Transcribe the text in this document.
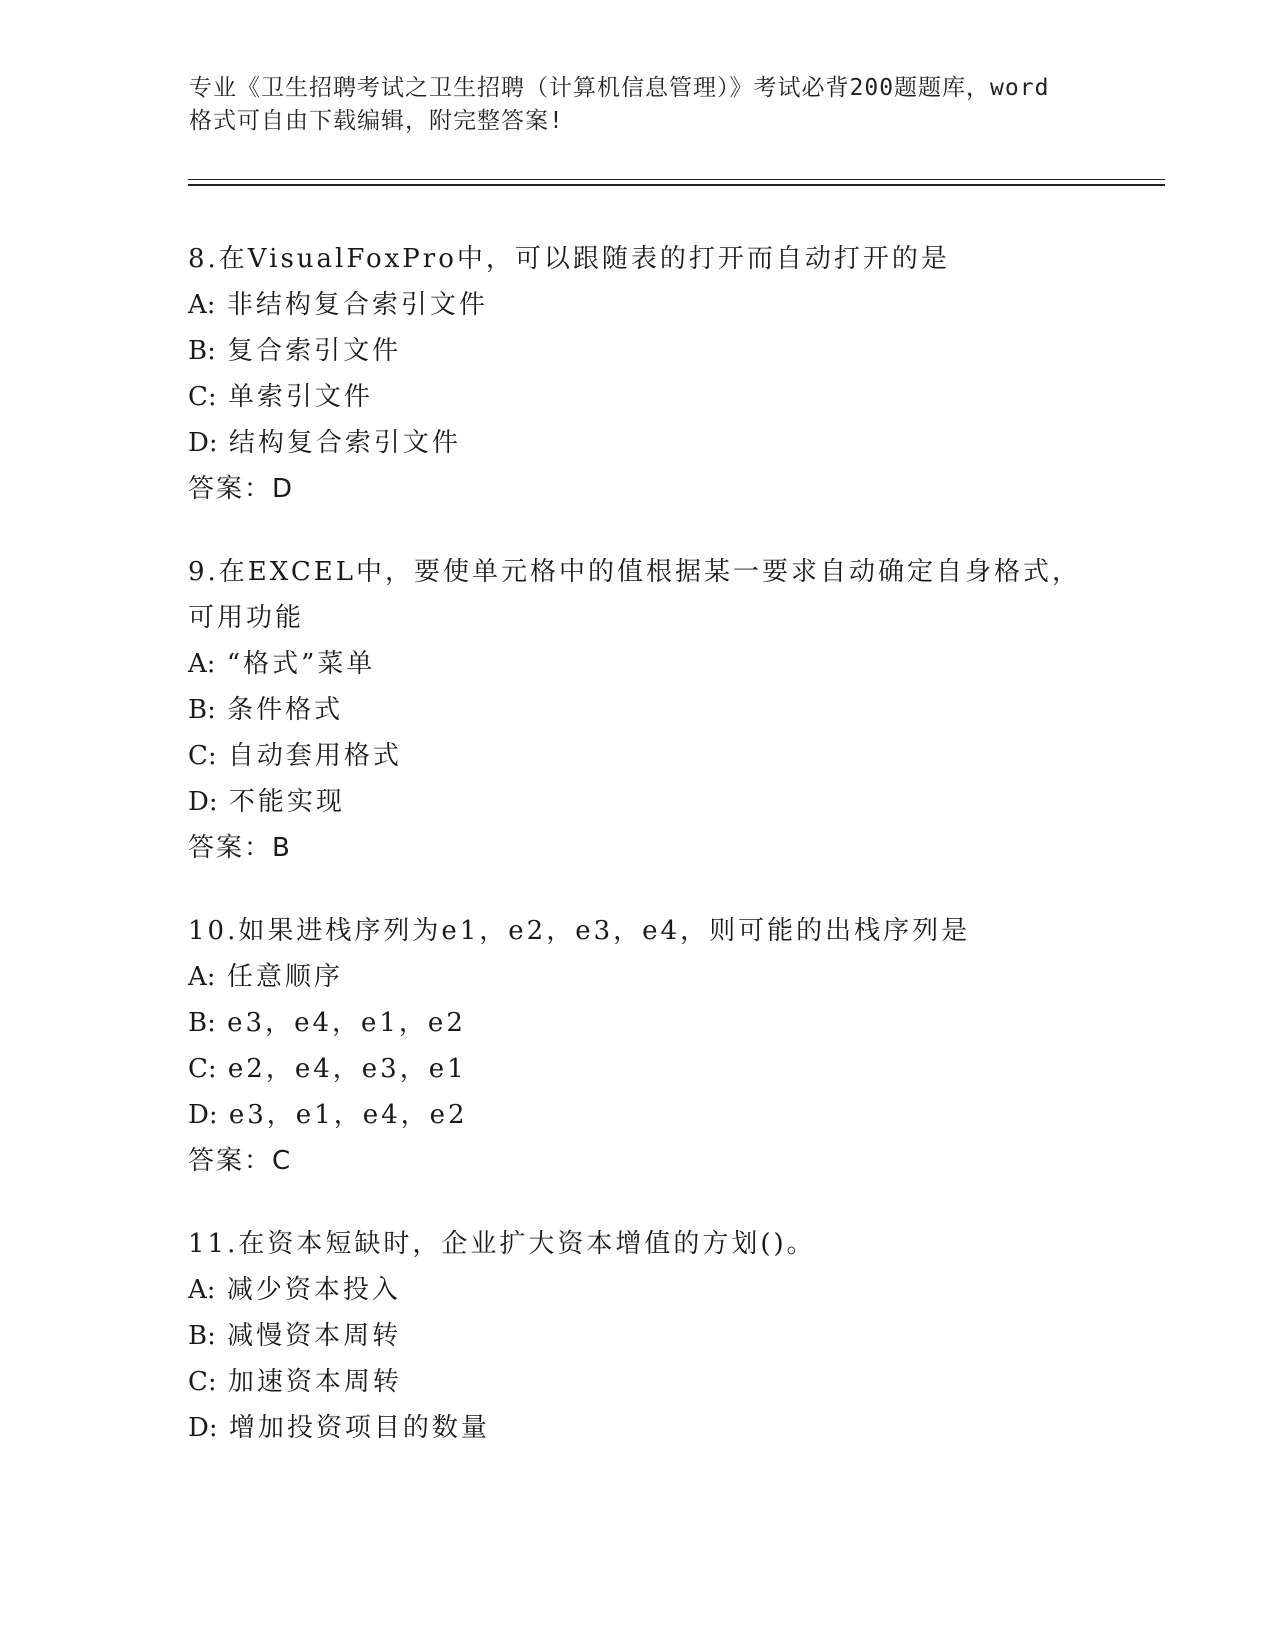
专业《卫生招聘考试之卫生招聘（计算机信息管理）》考试必背200题题库，word
格式可自由下载编辑，附完整答案!

8.在VisualFoxPro中，可以跟随表的打开而自动打开的是

A: 非结构复合索引文件

B: 复合索引文件

C: 单索引文件

D: 结构复合索引文件

答案：D

9.在EXCEL中，要使单元格中的值根据某一要求自动确定自身格式，

可用功能

A: “格式”菜单

B: 条件格式

C: 自动套用格式

D: 不能实现

答案：B

10.如果进栈序列为e1，e2，e3，e4，则可能的出栈序列是

A: 任意顺序

B: e3，e4，e1，e2

C: e2，e4，e3，e1

D: e3，e1，e4，e2

答案：C

11.在资本短缺时，企业扩大资本增值的方划()。

A: 减少资本投入

B: 减慢资本周转

C: 加速资本周转

D: 增加投资项目的数量
